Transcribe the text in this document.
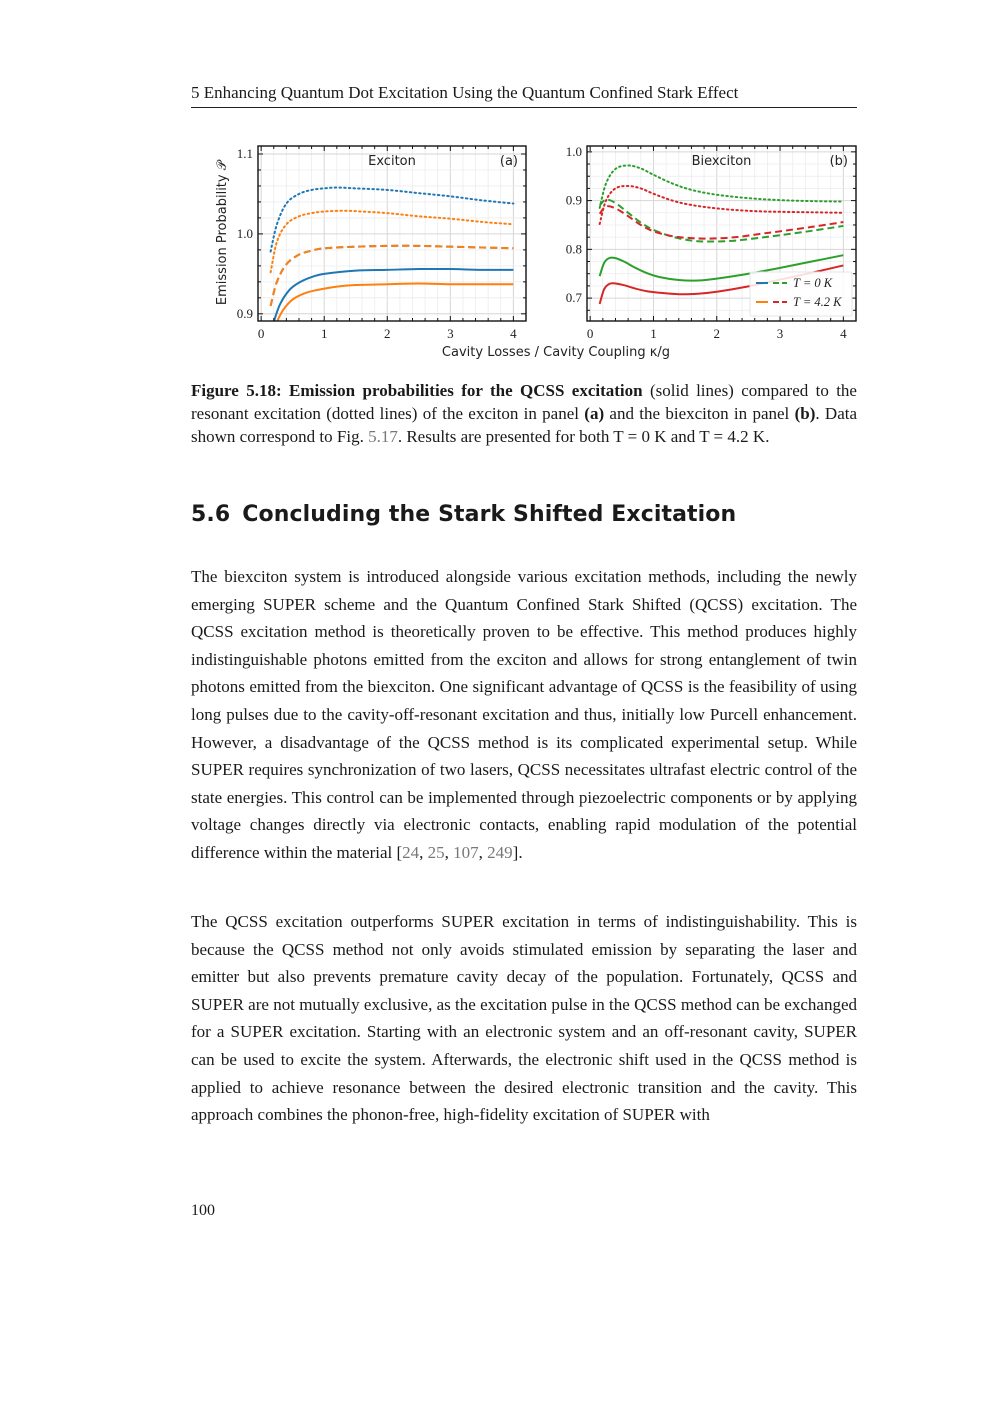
5 Enhancing Quantum Dot Excitation Using the Quantum Confined Stark Effect
0	1	2	3	4
0.9
1.0
1.1
Exciton	(a)
0	1	2	3	4
0.7
0.8
0.9
1.0
Biexciton	(b)
Emission Probability 𝒫
Cavity Losses / Cavity Coupling κ/g
T = 0 K
T = 4.2 K
Figure 5.18: Emission probabilities for the QCSS excitation (solid lines) compared to the resonant excitation (dotted lines) of the exciton in panel (a) and the biexciton in panel (b). Data shown correspond to Fig. 5.17. Results are presented for both T = 0 K and T = 4.2 K.
5.6 Concluding the Stark Shifted Excitation

The biexciton system is introduced alongside various excitation methods, including the newly emerging SUPER scheme and the Quantum Confined Stark Shifted (QCSS) excitation. The QCSS excitation method is theoretically proven to be effective. This method produces highly indistinguishable photons emitted from the exciton and allows for strong entanglement of twin photons emitted from the biexciton. One significant advantage of QCSS is the feasibility of using long pulses due to the cavity-off-resonant excitation and thus, initially low Purcell enhancement. However, a disadvantage of the QCSS method is its complicated experimental setup. While SUPER requires synchronization of two lasers, QCSS necessitates ultrafast electric control of the state energies. This control can be implemented through piezoelectric components or by applying voltage changes directly via electronic contacts, enabling rapid modulation of the potential difference within the material [24, 25, 107, 249].

The QCSS excitation outperforms SUPER excitation in terms of indistinguishability. This is because the QCSS method not only avoids stimulated emission by separating the laser and emitter but also prevents premature cavity decay of the population. Fortunately, QCSS and SUPER are not mutually exclusive, as the excitation pulse in the QCSS method can be exchanged for a SUPER excitation. Starting with an electronic system and an off-resonant cavity, SUPER can be used to excite the system. Afterwards, the electronic shift used in the QCSS method is applied to achieve resonance between the desired electronic transition and the cavity. This approach combines the phonon-free, high-fidelity excitation of SUPER with

100
